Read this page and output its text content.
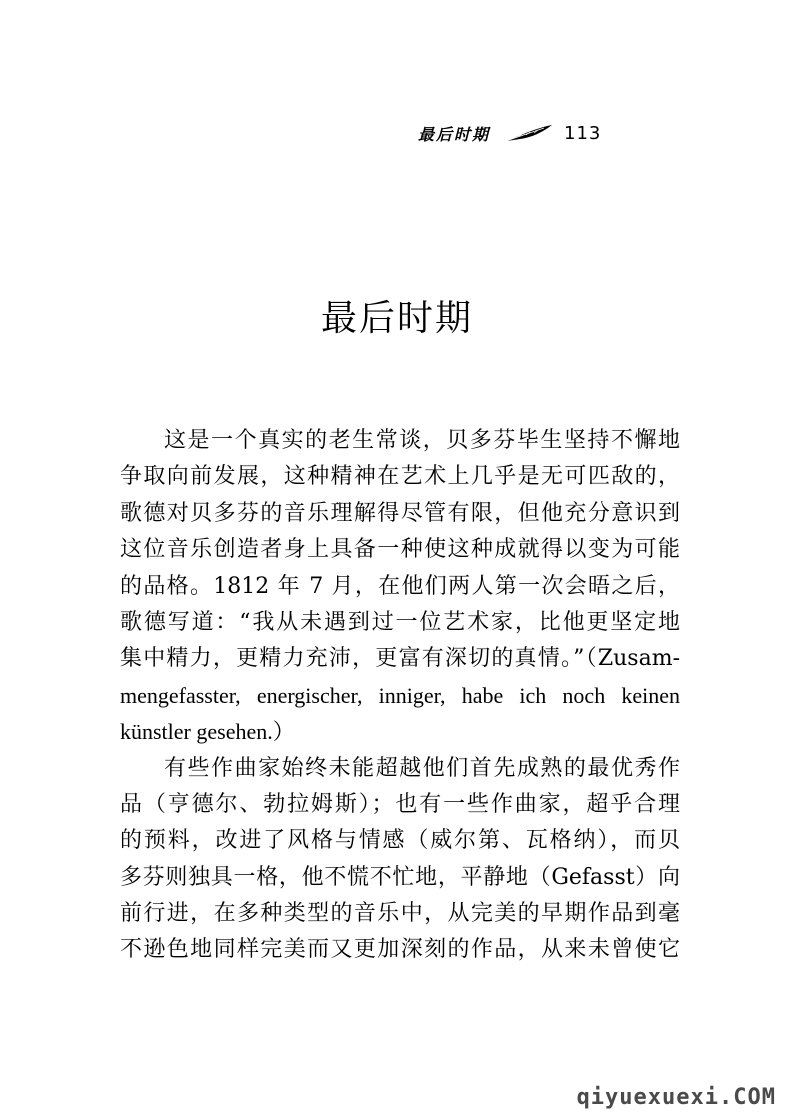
最后时期	113
最后时期
这是一个真实的老生常谈，贝多芬毕生坚持不懈地
争取向前发展，这种精神在艺术上几乎是无可匹敌的，
歌德对贝多芬的音乐理解得尽管有限，但他充分意识到
这位音乐创造者身上具备一种使这种成就得以变为可能
的品格。1812 年 7 月，在他们两人第一次会晤之后，
歌德写道：“我从未遇到过一位艺术家，比他更坚定地
集中精力，更精力充沛，更富有深切的真情。”（Zusam-
mengefasster, energischer, inniger, habe ich noch keinen
künstler gesehen.）
有些作曲家始终未能超越他们首先成熟的最优秀作
品（亨德尔、勃拉姆斯）；也有一些作曲家，超乎合理
的预料，改进了风格与情感（威尔第、瓦格纳），而贝
多芬则独具一格，他不慌不忙地，平静地（Gefasst）向
前行进，在多种类型的音乐中，从完美的早期作品到毫
不逊色地同样完美而又更加深刻的作品，从来未曾使它
qiyuexuexi.COM
